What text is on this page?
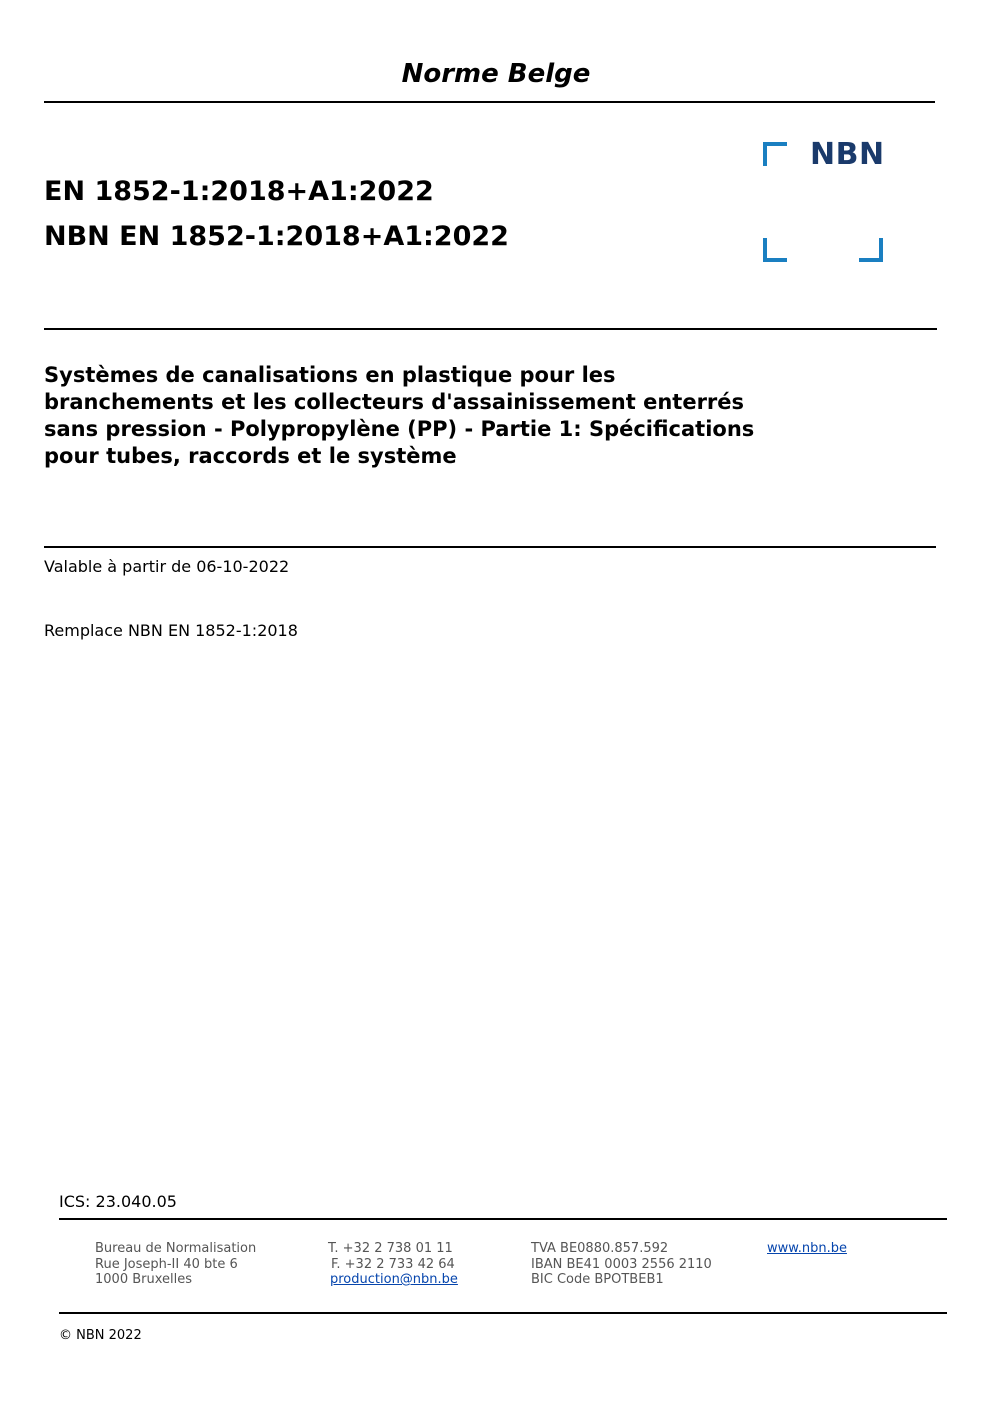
Norme Belge
EN 1852-1:2018+A1:2022
NBN EN 1852-1:2018+A1:2022
NBN
Systèmes de canalisations en plastique pour les
branchements et les collecteurs d'assainissement enterrés
sans pression - Polypropylène (PP) - Partie 1: Spécifications
pour tubes, raccords et le système
Valable à partir de 06-10-2022
Remplace NBN EN 1852-1:2018
ICS: 23.040.05
Bureau de Normalisation
Rue Joseph-II 40 bte 6
1000 Bruxelles
T. +32 2 738 01 11
F. +32 2 733 42 64
production@nbn.be
TVA BE0880.857.592
IBAN BE41 0003 2556 2110
BIC Code BPOTBEB1
www.nbn.be
© NBN 2022
